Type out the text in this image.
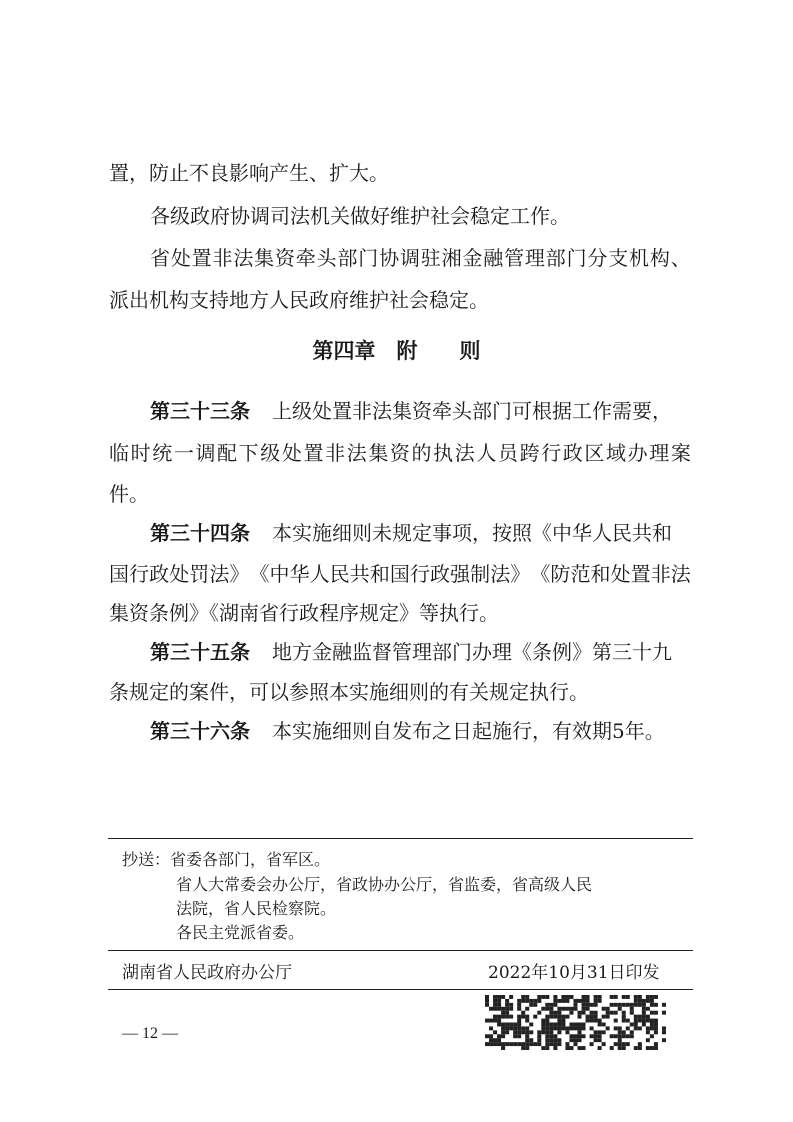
置，防止不良影响产生、扩大。
各级政府协调司法机关做好维护社会稳定工作。
省 处 置 非 法 集 资 牵 头 部 门 协 调 驻 湘 金 融 管 理 部 门 分 支 机 构 、
派出机构支持地方人民政府维护社会稳定。
第四章　附　　则
第三十三条 上级处置非法集资牵头部门可根据工作需要，
临 时 统 一 调 配 下 级 处 置 非 法 集 资 的 执 法 人 员 跨 行 政 区 域 办 理 案
件。
第三十四条 本实施细则未规定事项，按照《中华人民共和
国 行 政 处 罚 法 》 《 中 华 人 民 共 和 国 行 政 强 制 法 》 《 防 范 和 处 置 非 法
集资条例》《湖南省行政程序规定》等执行。
第三十五条 地方金融监督管理部门办理《条例》第三十九
条规定的案件，可以参照本实施细则的有关规定执行。
第三十六条 本实施细则自发布之日起施行，有效期5年。
抄送：省委各部门，省军区。
省人大常委会办公厅，省政协办公厅，省监委，省高级人民
法院，省人民检察院。
各民主党派省委。
湖南省人民政府办公厅	2022年10月31日印发
— 12 —
